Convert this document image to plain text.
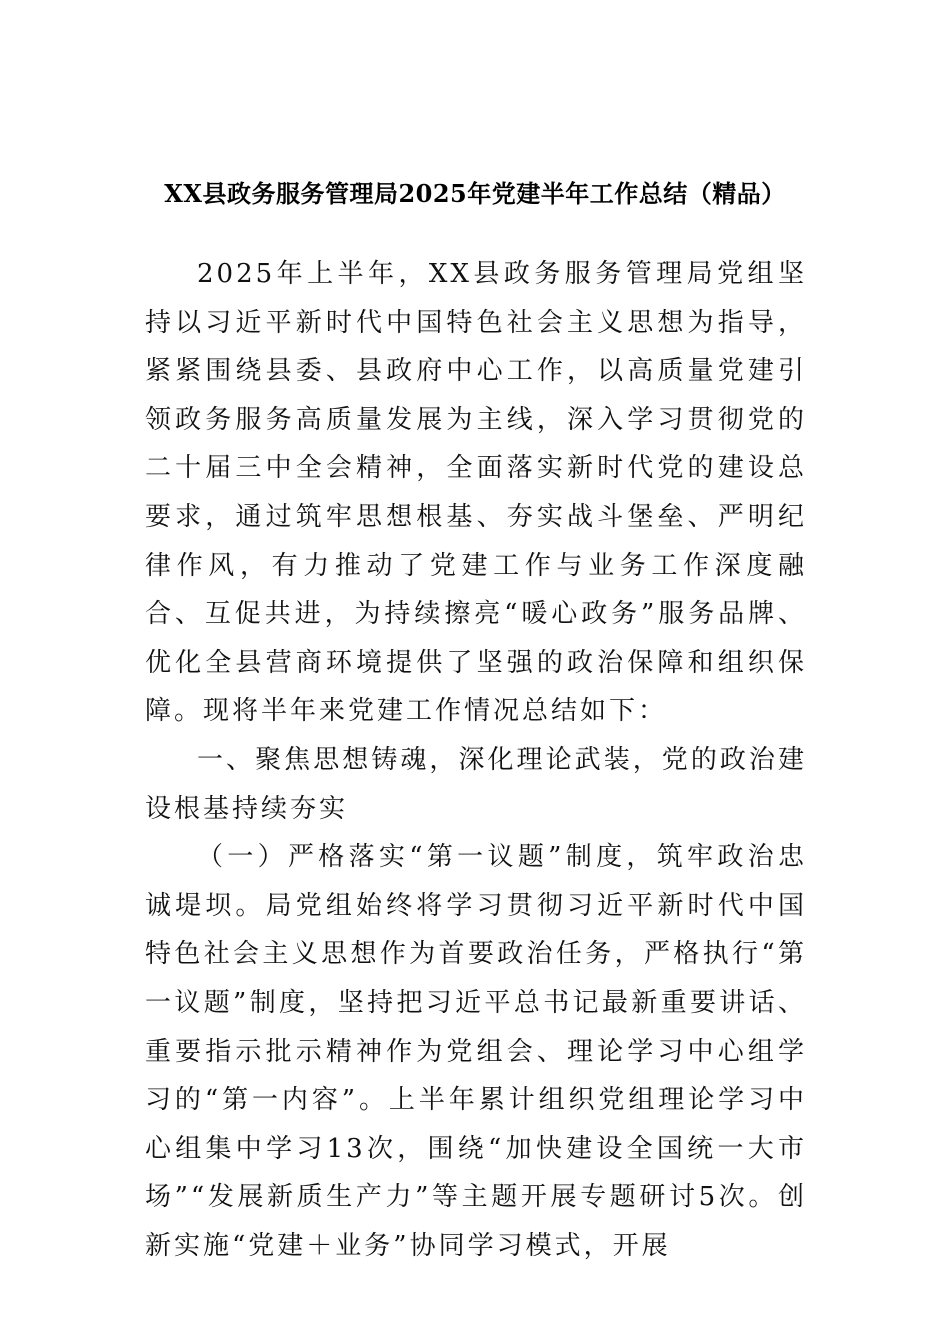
XX县政务服务管理局2025年党建半年工作总结（精品）

2025年上半年，XX县政务服务管理局党组坚持以习近平新时代中国特色社会主义思想为指导，紧紧围绕县委、县政府中心工作，以高质量党建引领政务服务高质量发展为主线，深入学习贯彻党的二十届三中全会精神，全面落实新时代党的建设总要求，通过筑牢思想根基、夯实战斗堡垒、严明纪律作风，有力推动了党建工作与业务工作深度融合、互促共进，为持续擦亮“暖心政务”服务品牌、优化全县营商环境提供了坚强的政治保障和组织保障。现将半年来党建工作情况总结如下：

一、聚焦思想铸魂，深化理论武装，党的政治建设根基持续夯实

（一）严格落实“第一议题”制度，筑牢政治忠诚堤坝。局党组始终将学习贯彻习近平新时代中国特色社会主义思想作为首要政治任务，严格执行“第一议题”制度，坚持把习近平总书记最新重要讲话、重要指示批示精神作为党组会、理论学习中心组学习的“第一内容”。上半年累计组织党组理论学习中心组集中学习13次，围绕“加快建设全国统一大市场”“发展新质生产力”等主题开展专题研讨5次。创新实施“党建＋业务”协同学习模式，开展
